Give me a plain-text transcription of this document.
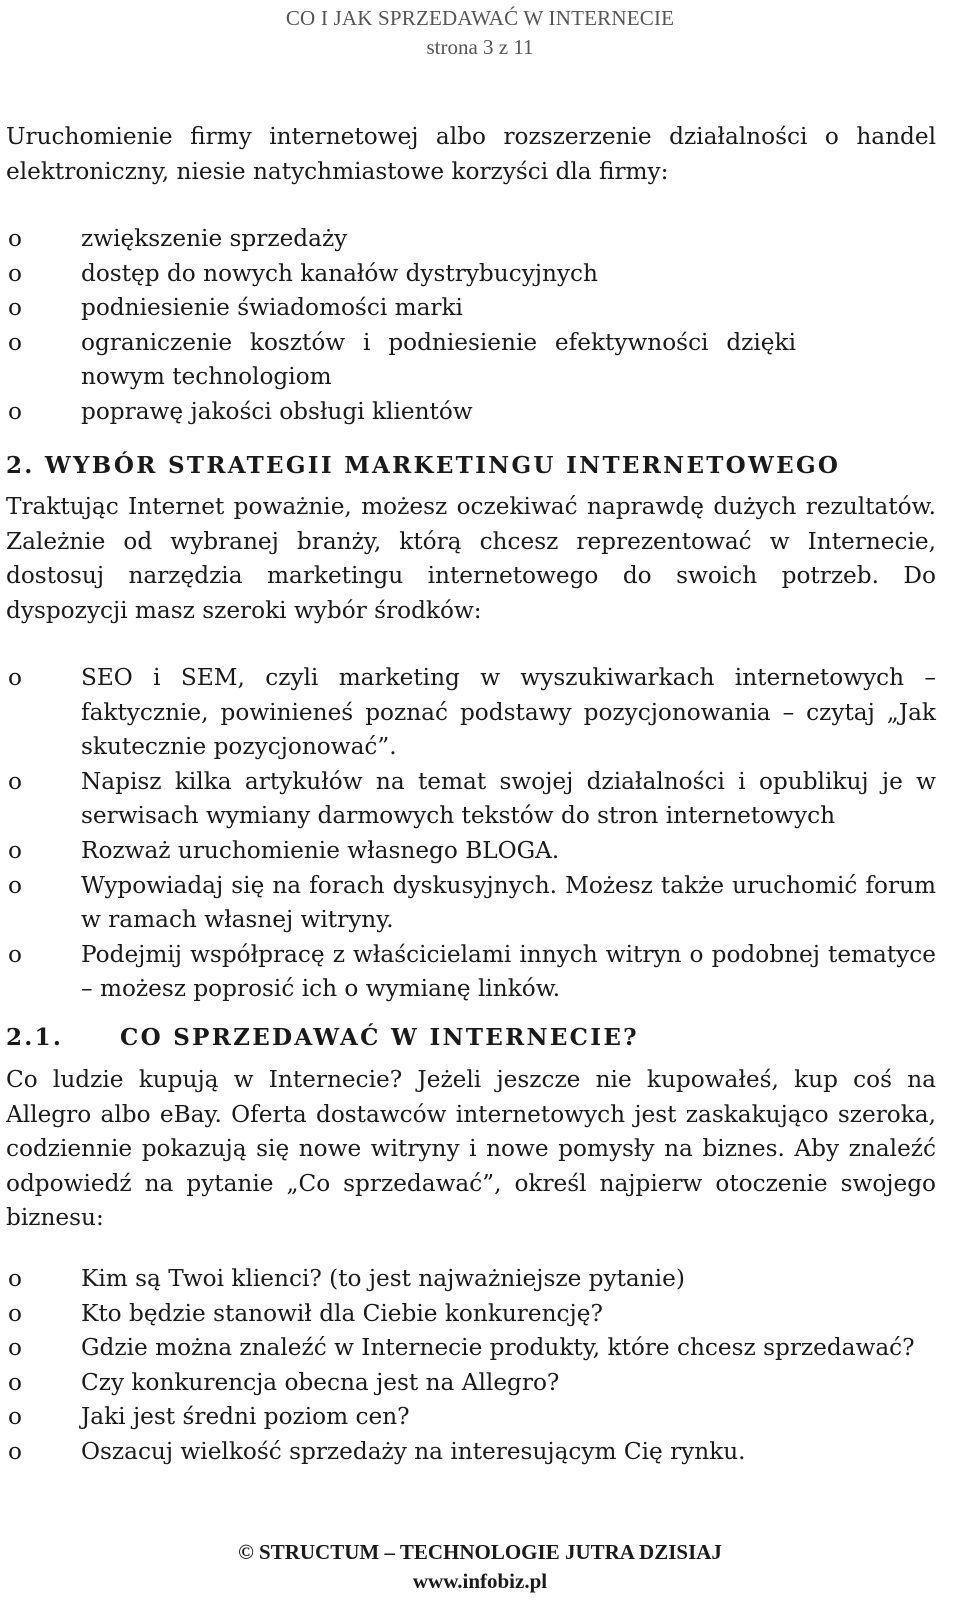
CO I JAK SPRZEDAWAĆ W INTERNECIE
strona 3 z 11
Uruchomienie firmy internetowej albo rozszerzenie działalności o handel elektroniczny, niesie natychmiastowe korzyści dla firmy:
o	zwiększenie sprzedaży
o	dostęp do nowych kanałów dystrybucyjnych
o	podniesienie świadomości marki
o	ograniczenie kosztów i podniesienie efektywności dzięki nowym technologiom
o	poprawę jakości obsługi klientów
2. WYBÓR STRATEGII MARKETINGU INTERNETOWEGO
Traktując Internet poważnie, możesz oczekiwać naprawdę dużych rezultatów. Zależnie od wybranej branży, którą chcesz reprezentować w Internecie, dostosuj narzędzia marketingu internetowego do swoich potrzeb. Do dyspozycji masz szeroki wybór środków:
o	SEO i SEM, czyli marketing w wyszukiwarkach internetowych – faktycznie, powinieneś poznać podstawy pozycjonowania – czytaj „Jak skutecznie pozycjonować”.
o	Napisz kilka artykułów na temat swojej działalności i opublikuj je w serwisach wymiany darmowych tekstów do stron internetowych
o	Rozważ uruchomienie własnego BLOGA.
o	Wypowiadaj się na forach dyskusyjnych. Możesz także uruchomić forum w ramach własnej witryny.
o	Podejmij współpracę z właścicielami innych witryn o podobnej tematyce – możesz poprosić ich o wymianę linków.
2.1. CO SPRZEDAWAĆ W INTERNECIE?
Co ludzie kupują w Internecie? Jeżeli jeszcze nie kupowałeś, kup coś na Allegro albo eBay. Oferta dostawców internetowych jest zaskakująco szeroka, codziennie pokazują się nowe witryny i nowe pomysły na biznes. Aby znaleźć odpowiedź na pytanie „Co sprzedawać”, określ najpierw otoczenie swojego biznesu:
o	Kim są Twoi klienci? (to jest najważniejsze pytanie)
o	Kto będzie stanowił dla Ciebie konkurencję?
o	Gdzie można znaleźć w Internecie produkty, które chcesz sprzedawać?
o	Czy konkurencja obecna jest na Allegro?
o	Jaki jest średni poziom cen?
o	Oszacuj wielkość sprzedaży na interesującym Cię rynku.
© STRUCTUM – TECHNOLOGIE JUTRA DZISIAJ
www.infobiz.pl
